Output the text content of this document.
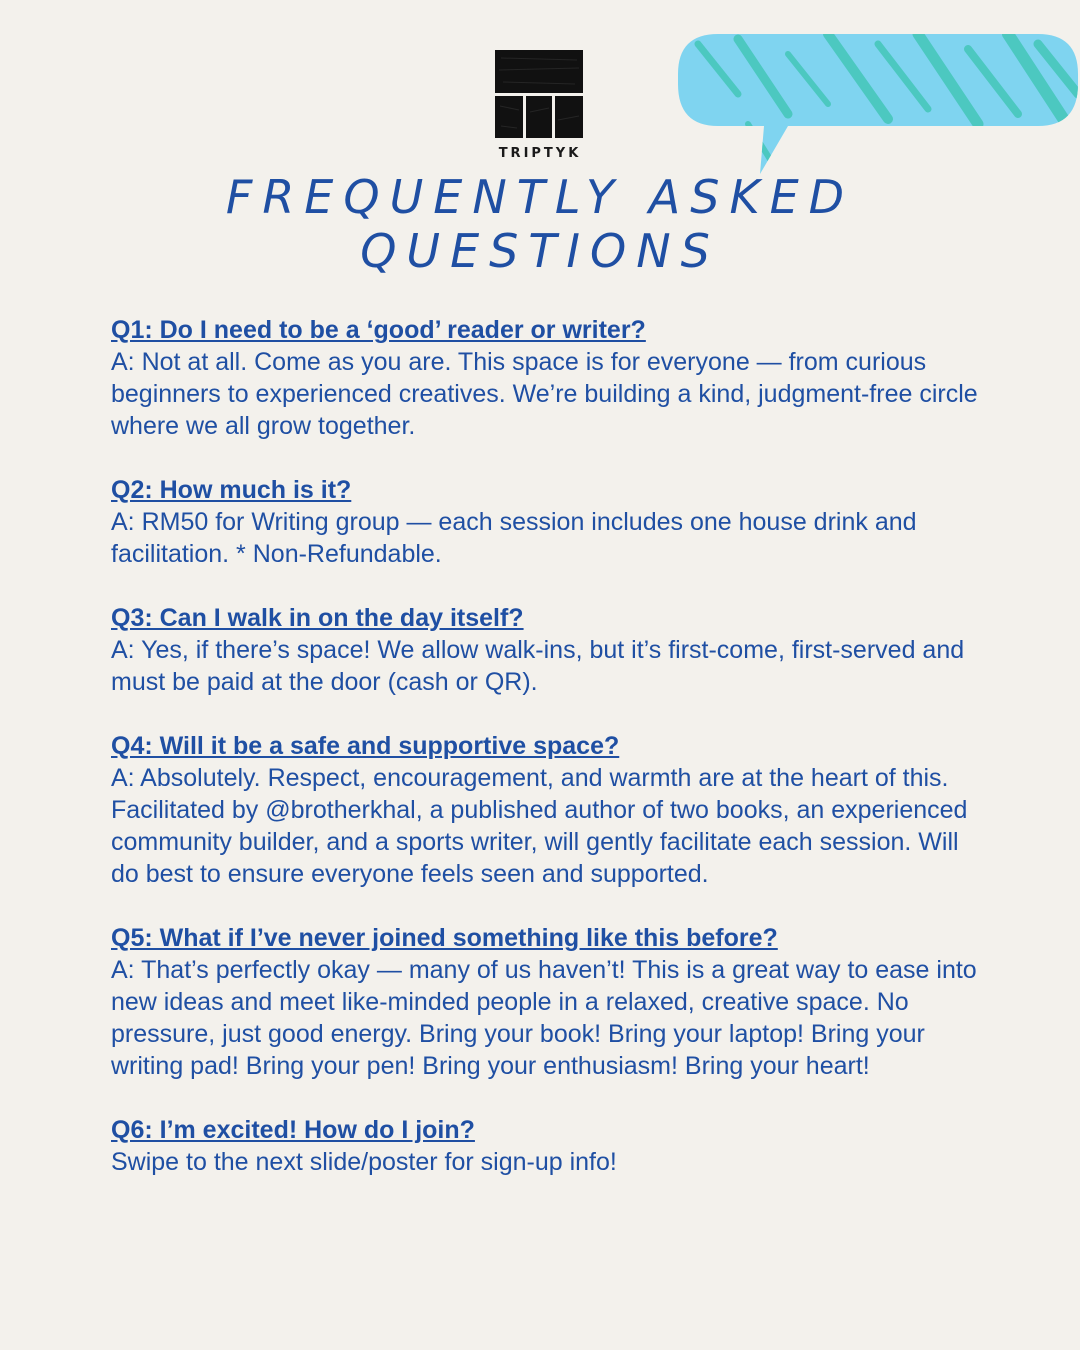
TRIPTYK
FREQUENTLY ASKED
QUESTIONS

Q1: Do I need to be a ‘good’ reader or writer?

A: Not at all. Come as you are. This space is for everyone — from curious beginners to experienced creatives. We’re building a kind, judgment-free circle where we all grow together.

Q2: How much is it?

A: RM50 for Writing group — each session includes one house drink and facilitation. * Non-Refundable.

Q3: Can I walk in on the day itself?

A: Yes, if there’s space! We allow walk-ins, but it’s first-come, first-served and must be paid at the door (cash or QR).

Q4: Will it be a safe and supportive space?

A: Absolutely. Respect, encouragement, and warmth are at the heart of this. Facilitated by @brotherkhal, a published author of two books, an experienced community builder, and a sports writer, will gently facilitate each session. Will do best to ensure everyone feels seen and supported.

Q5: What if I’ve never joined something like this before?

A: That’s perfectly okay — many of us haven’t! This is a great way to ease into new ideas and meet like-minded people in a relaxed, creative space. No pressure, just good energy. Bring your book! Bring your laptop! Bring your writing pad! Bring your pen! Bring your enthusiasm! Bring your heart!

Q6: I’m excited! How do I join?

Swipe to the next slide/poster for sign-up info!
